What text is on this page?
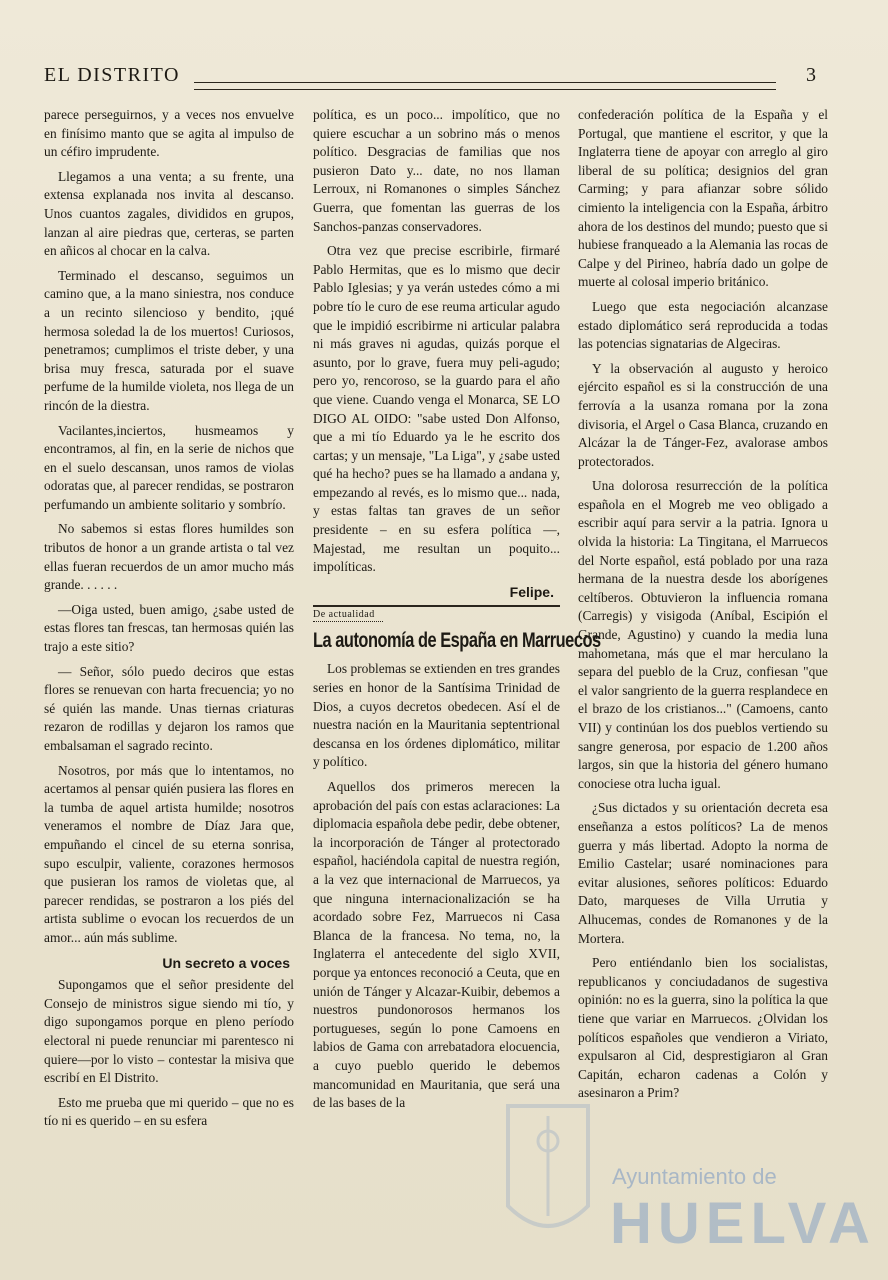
EL DISTRITO	3

parece perseguirnos, y a veces nos envuelve en finísimo manto que se agita al impulso de un céfiro imprudente.

Llegamos a una venta; a su frente, una extensa explanada nos invita al descanso. Unos cuantos zagales, divididos en grupos, lanzan al aire piedras que, certeras, se parten en añicos al chocar en la calva.

Terminado el descanso, seguimos un camino que, a la mano siniestra, nos conduce a un recinto silencioso y bendito, ¡qué hermosa soledad la de los muertos! Curiosos, penetramos; cumplimos el triste deber, y una brisa muy fresca, saturada por el suave perfume de la humilde violeta, nos llega de un rincón de la diestra.

Vacilantes,inciertos, husmeamos y encontramos, al fin, en la serie de nichos que en el suelo descansan, unos ramos de violas odoratas que, al parecer rendidas, se postraron perfumando un ambiente solitario y sombrío.

No sabemos si estas flores humildes son tributos de honor a un grande artista o tal vez ellas fueran recuerdos de un amor mucho más grande. . . . . .

—Oiga usted, buen amigo, ¿sabe usted de estas flores tan frescas, tan hermosas quién las trajo a este sitio?

— Señor, sólo puedo deciros que estas flores se renuevan con harta frecuencia; yo no sé quién las mande. Unas tiernas criaturas rezaron de rodillas y dejaron los ramos que embalsaman el sagrado recinto.

Nosotros, por más que lo intentamos, no acertamos al pensar quién pusiera las flores en la tumba de aquel artista humilde; nosotros veneramos el nombre de Díaz Jara que, empuñando el cincel de su eterna sonrisa, supo esculpir, valiente, corazones hermosos que pusieran los ramos de violetas que, al parecer rendidas, se postraron a los piés del artista sublime o evocan los recuerdos de un amor... aún más sublime.

Un secreto a voces

Supongamos que el señor presidente del Consejo de ministros sigue siendo mi tío, y digo supongamos porque en pleno período electoral ni puede renunciar mi parentesco ni quiere—por lo visto – contestar la misiva que escribí en El Distrito.

Esto me prueba que mi querido – que no es tío ni es querido – en su esfera

política, es un poco... impolítico, que no quiere escuchar a un sobrino más o menos político. Desgracias de familias que nos pusieron Dato y... date, no nos llaman Lerroux, ni Romanones o simples Sánchez Guerra, que fomentan las guerras de los Sanchos-panzas conservadores.

Otra vez que precise escribirle, firmaré Pablo Hermitas, que es lo mismo que decir Pablo Iglesias; y ya verán ustedes cómo a mi pobre tío le curo de ese reuma articular agudo que le impidió escribirme ni articular palabra ni más graves ni agudas, quizás porque el asunto, por lo grave, fuera muy peli-agudo; pero yo, rencoroso, se la guardo para el año que viene. Cuando venga el Monarca, SE LO DIGO AL OIDO: "sabe usted Don Alfonso, que a mi tío Eduardo ya le he escrito dos cartas; y un mensaje, "La Liga", y ¿sabe usted qué ha hecho? pues se ha llamado a andana y, empezando al revés, es lo mismo que... nada, y estas faltas tan graves de un señor presidente – en su esfera política —, Majestad, me resultan un poquito... impolíticas.

Felipe.
De actualidad
La autonomía de España en Marruecos

Los problemas se extienden en tres grandes series en honor de la Santísima Trinidad de Dios, a cuyos decretos obedecen. Así el de nuestra nación en la Mauritania septentrional descansa en los órdenes diplomático, militar y político.

Aquellos dos primeros merecen la aprobación del país con estas aclaraciones: La diplomacia española debe pedir, debe obtener, la incorporación de Tánger al protectorado español, haciéndola capital de nuestra región, a la vez que internacional de Marruecos, ya que ninguna internacionalización se ha acordado sobre Fez, Marruecos ni Casa Blanca de la francesa. No tema, no, la Inglaterra el antecedente del siglo XVII, porque ya entonces reconoció a Ceuta, que en unión de Tánger y Alcazar-Kuibir, debemos a nuestros pundonorosos hermanos los portugueses, según lo pone Camoens en labios de Gama con arrebatadora elocuencia, a cuyo pueblo querido le debemos mancomunidad en Mauritania, que será una de las bases de la

confederación política de la España y el Portugal, que mantiene el escritor, y que la Inglaterra tiene de apoyar con arreglo al giro liberal de su política; designios del gran Carming; y para afianzar sobre sólido cimiento la inteligencia con la España, árbitro ahora de los destinos del mundo; puesto que si hubiese franqueado a la Alemania las rocas de Calpe y del Pirineo, habría dado un golpe de muerte al colosal imperio británico.

Luego que esta negociación alcanzase estado diplomático será reproducida a todas las potencias signatarias de Algeciras.

Y la observación al augusto y heroico ejército español es si la construcción de una ferrovía a la usanza romana por la zona divisoria, el Argel o Casa Blanca, cruzando en Alcázar la de Tánger-Fez, avalorase ambos protectorados.

Una dolorosa resurrección de la política española en el Mogreb me veo obligado a escribir aquí para servir a la patria. Ignora u olvida la historia: La Tingitana, el Marruecos del Norte español, está poblado por una raza hermana de la nuestra desde los aborígenes celtíberos. Obtuvieron la influencia romana (Carregis) y visigoda (Aníbal, Escipión el Grande, Agustino) y cuando la media luna mahometana, más que el mar herculano la separa del pueblo de la Cruz, confiesan "que el valor sangriento de la guerra resplandece en el brazo de los cristianos..." (Camoens, canto VII) y continúan los dos pueblos vertiendo su sangre generosa, por espacio de 1.200 años largos, sin que la historia del género humano conociese otra lucha igual.

¿Sus dictados y su orientación decreta esa enseñanza a estos políticos? La de menos guerra y más libertad. Adopto la norma de Emilio Castelar; usaré nominaciones para evitar alusiones, señores políticos: Eduardo Dato, marqueses de Villa Urrutia y Alhucemas, condes de Romanones y de la Mortera.

Pero entiéndanlo bien los socialistas, republicanos y conciudadanos de sugestiva opinión: no es la guerra, sino la política la que tiene que variar en Marruecos. ¿Olvidan los políticos españoles que vendieron a Viriato, expulsaron al Cid, desprestigiaron al Gran Capitán, echaron cadenas a Colón y asesinaron a Prim?

Ayuntamiento de
HUELVA
